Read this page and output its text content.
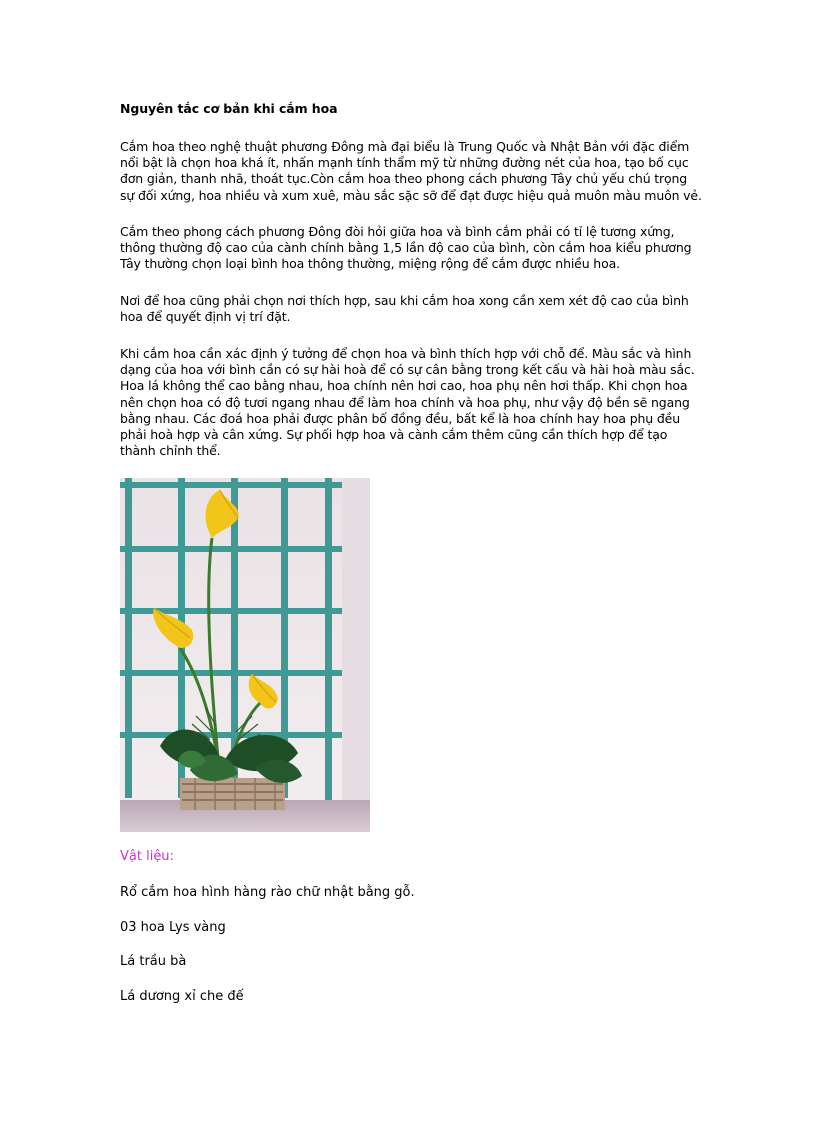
Nguyên tắc cơ bản khi cắm hoa

Cắm hoa theo nghệ thuật phương Đông mà đại biểu là Trung Quốc và Nhật Bản với đặc điểm nổi bật là chọn hoa khá ít, nhấn mạnh tính thẩm mỹ từ những đường nét của hoa, tạo bố cục đơn giản, thanh nhã, thoát tục.Còn cắm hoa theo phong cách phương Tây chủ yếu chú trọng sự đối xứng, hoa nhiều và xum xuê, màu sắc sặc sỡ để đạt được hiệu quả muôn màu muôn vẻ.

Cắm theo phong cách phương Đông đòi hỏi giữa hoa và bình cắm phải có tỉ lệ tương xứng, thông thường độ cao của cành chính bằng 1,5 lần độ cao của bình, còn cắm hoa kiểu phương Tây thường chọn loại bình hoa thông thường, miệng rộng để cắm được nhiều hoa.

Nơi để hoa cũng phải chọn nơi thích hợp, sau khi cắm hoa xong cần xem xét độ cao của bình hoa để quyết định vị trí đặt.

Khi cắm hoa cần xác định ý tưởng để chọn hoa và bình thích hợp với chỗ để. Màu sắc và hình dạng của hoa với bình cần có sự hài hoà để có sự cân bằng trong kết cấu và hài hoà màu sắc. Hoa lá không thể cao bằng nhau, hoa chính nên hơi cao, hoa phụ nên hơi thấp. Khi chọn hoa nên chọn hoa có độ tươi ngang nhau để làm hoa chính và hoa phụ, như vậy độ bền sẽ ngang bằng nhau. Các đoá hoa phải được phân bố đồng đều, bất kể là hoa chính hay hoa phụ đều phải hoà hợp và cân xứng. Sự phối hợp hoa và cành cắm thêm cũng cần thích hợp để tạo thành chỉnh thể.

Vật liệu:
Rổ cắm hoa hình hàng rào chữ nhật bằng gỗ.
03 hoa Lys vàng
Lá trầu bà
Lá dương xỉ che đế
